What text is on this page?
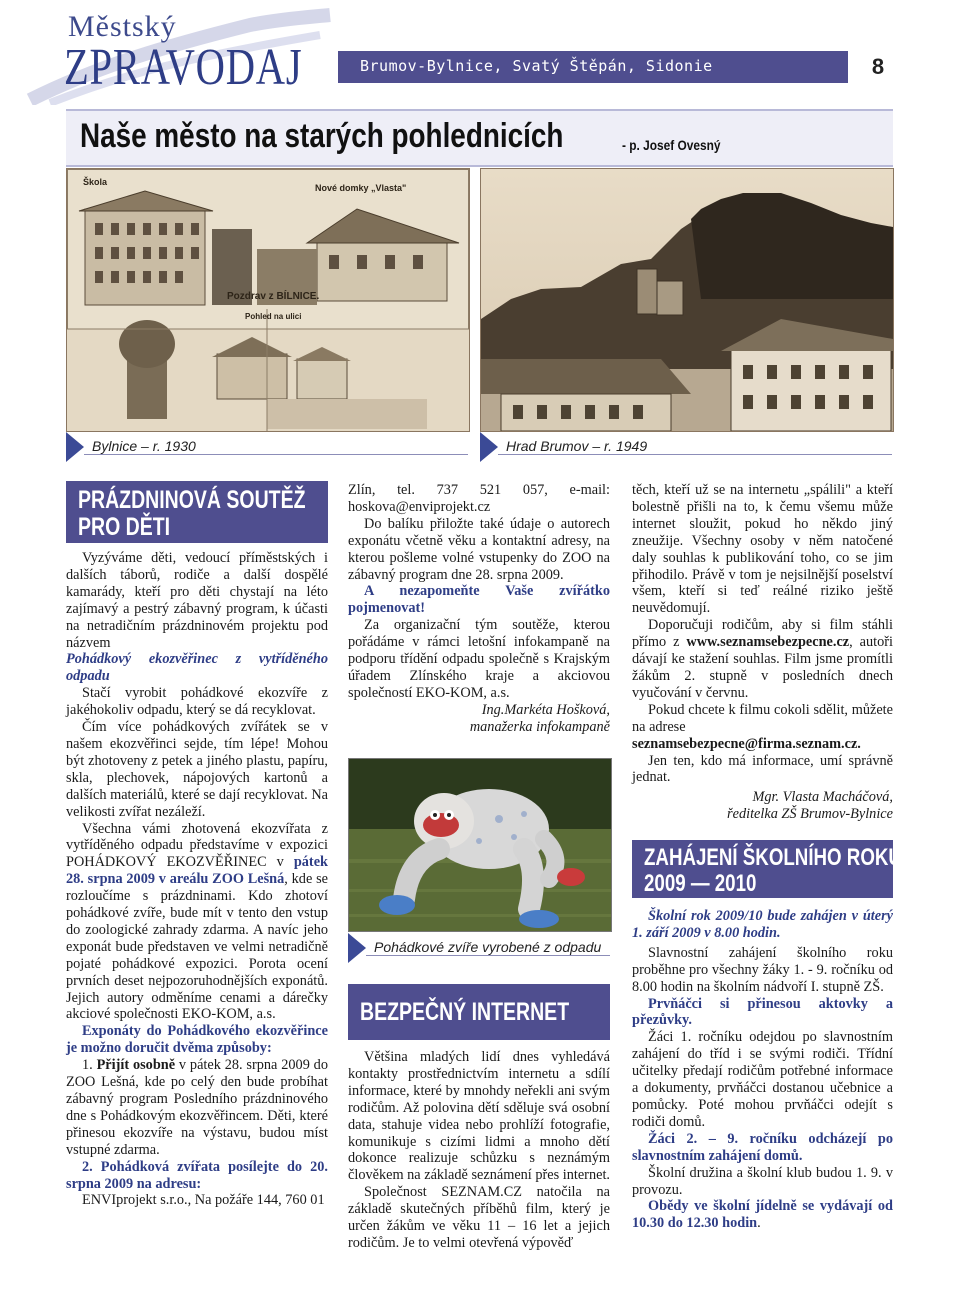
Městský
ZPRAVODAJ	Brumov-Bylnice, Svatý Štěpán, Sidonie	8
Naše město na starých pohlednicích	- p. Josef Ovesný
Škola
Nové domky „Vlasta"
Pozdrav z BÍLNICE.
Pohled na ulici
Bylnice – r. 1930	Hrad Brumov – r. 1949
PRÁZDNINOVÁ SOUTĚŽ
PRO DĚTI

Vyzýváme děti, vedoucí příměstských i dalších táborů, rodiče a další dospělé kamarády, kteří pro děti chystají na léto zajímavý a pestrý zábavný program, k účasti na netradičním prázdninovém projektu pod názvem
Pohádkový ekozvěřinec z vytříděného odpadu

Stačí vyrobit pohádkové ekozvíře z jakéhokoliv odpadu, který se dá recyklovat.

Čím více pohádkových zvířátek se v našem ekozvěřinci sejde, tím lépe! Mohou být zhotoveny z petek a jiného plastu, papíru, skla, plechovek, nápojových kartonů a dalších materiálů, které se dají recyklovat. Na velikosti zvířat nezáleží.

Všechna vámi zhotovená ekozvířata z vytříděného odpadu představíme v expozici POHÁDKOVÝ EKOZVĚŘINEC v pátek 28. srpna 2009 v areálu ZOO Lešná, kde se rozloučíme s prázdninami. Kdo zhotoví pohádkové zvíře, bude mít v tento den vstup do zoologické zahrady zdarma. A navíc jeho exponát bude představen ve velmi netradičně pojaté pohádkové expozici. Porota ocení prvních deset nejpozoruhodnějších exponátů. Jejich autory odměníme cenami a dárečky akciové společnosti EKO-KOM, a.s.

Exponáty do Pohádkového ekozvěřince je možno doručit dvěma způsoby:

1. Přijít osobně v pátek 28. srpna 2009 do ZOO Lešná, kde po celý den bude probíhat zábavný program Posledního prázdninového dne s Pohádkovým ekozvěřincem. Děti, které přinesou ekozvíře na výstavu, budou míst vstupné zdarma.

2. Pohádková zvířata posílejte do 20. srpna 2009 na adresu:

ENVIprojekt s.r.o., Na požáře 144, 760 01

Zlín, tel. 737 521 057, e-mail: hoskova@enviprojekt.cz

Do balíku přiložte také údaje o autorech exponátu včetně věku a kontaktní adresy, na kterou pošleme volné vstupenky do ZOO na zábavný program dne 28. srpna 2009.

A nezapomeňte Vaše zvířátko pojmenovat!

Za organizační tým soutěže, kterou pořádáme v rámci letošní infokampaně na podporu třídění odpadu společně s Krajským úřadem Zlínského kraje a akciovou společností EKO-KOM, a.s.

Ing.Markéta Hošková,

manažerka infokampaně

Pohádkové zvíře vyrobené z odpadu
BEZPEČNÝ INTERNET

Většina mladých lidí dnes vyhledává kontakty prostřednictvím internetu a sdílí informace, které by mnohdy neřekli ani svým rodičům. Až polovina dětí sděluje svá osobní data, stahuje videa nebo prohlíží fotografie, komunikuje s cizími lidmi a mnoho dětí dokonce realizuje schůzku s neznámým člověkem na základě seznámení přes internet.

Společnost SEZNAM.CZ natočila na základě skutečných příběhů film, který je určen žákům ve věku 11 – 16 let a jejich rodičům. Je to velmi otevřená výpověď

těch, kteří už se na internetu „spálili" a kteří bolestně přišli na to, k čemu všemu může internet sloužit, pokud ho někdo jiný zneužije. Všechny osoby v něm natočené daly souhlas k publikování toho, co se jim přihodilo. Právě v tom je nejsilnější poselství všem, kteří si teď reálné riziko ještě neuvědomují.

Doporučuji rodičům, aby si film stáhli přímo z www.seznamsebezpecne.cz, autoři dávají ke stažení souhlas. Film jsme promítli žákům 2. stupně v posledních dnech vyučování v červnu.

Pokud chcete k filmu cokoli sdělit, můžete na adrese

seznamsebezpecne@firma.seznam.cz.

Jen ten, kdo má informace, umí správně jednat.

Mgr. Vlasta Macháčová,

ředitelka ZŠ Brumov-Bylnice

ZAHÁJENÍ ŠKOLNÍHO ROKU
2009 — 2010

Školní rok 2009/10 bude zahájen v úterý 1. září 2009 v 8.00 hodin.

Slavnostní zahájení školního roku proběhne pro všechny žáky 1. - 9. ročníku od 8.00 hodin na školním nádvoří I. stupně ZŠ.

Prvňáčci si přinesou aktovky a přezůvky.

Žáci 1. ročníku odejdou po slavnostním zahájení do tříd i se svými rodiči. Třídní učitelky předají rodičům potřebné informace a dokumenty, prvňáčci dostanou učebnice a pomůcky. Poté mohou prvňáčci odejít s rodiči domů.

Žáci 2. – 9. ročníku odcházejí po slavnostním zahájení domů.

Školní družina a školní klub budou 1. 9. v provozu.

Obědy ve školní jídelně se vydávají od 10.30 do 12.30 hodin.
